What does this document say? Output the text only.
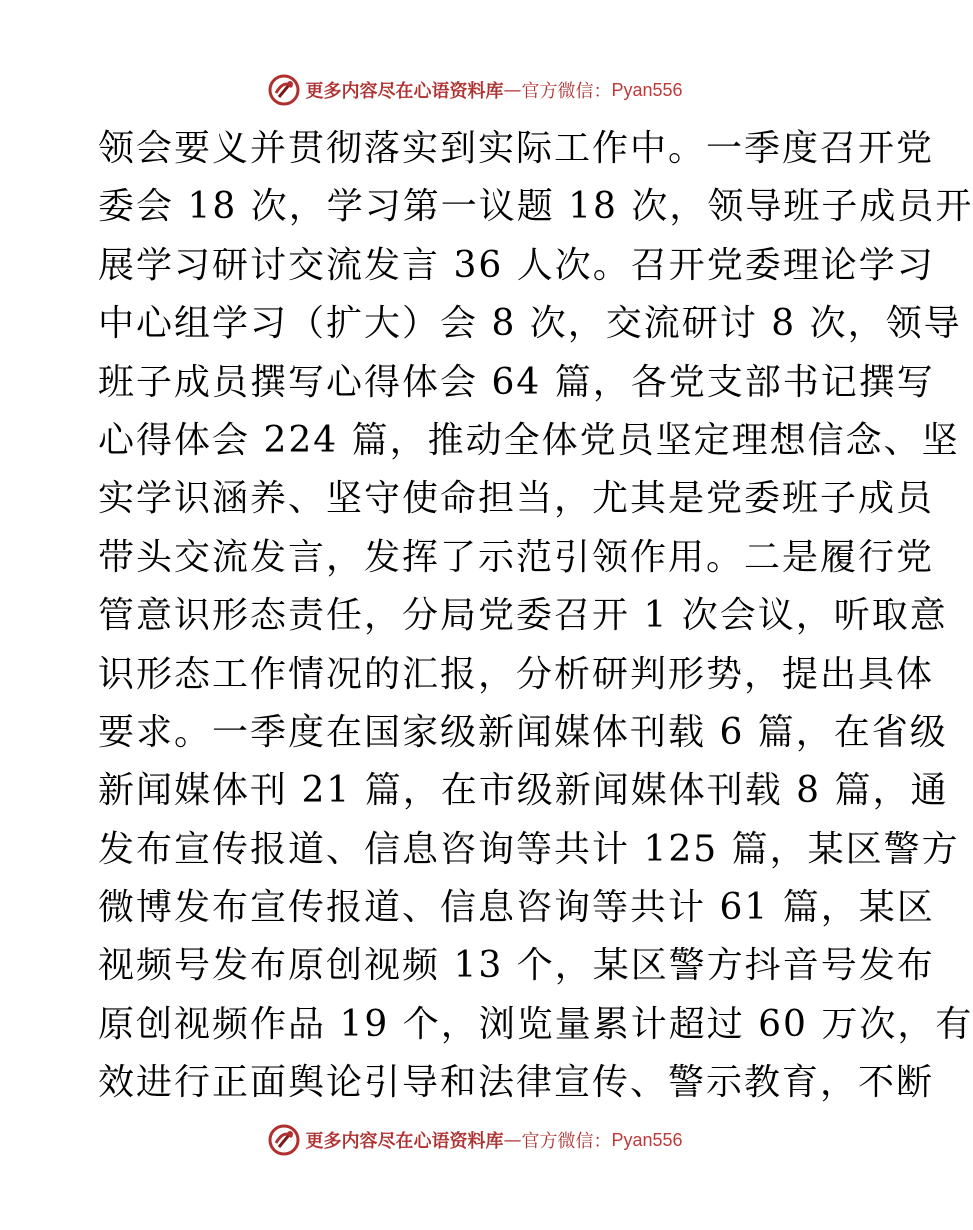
更多内容尽在心语资料库 — 官方微信： Pyan556
领会要义并贯彻落实到实际工作中。一季度召开党
委会 18 次，学习第一议题 18 次，领导班子成员开
展学习研讨交流发言 36 人次。召开党委理论学习
中心组学习（扩大）会 8 次，交流研讨 8 次，领导
班子成员撰写心得体会 64 篇，各党支部书记撰写
心得体会 224 篇，推动全体党员坚定理想信念、坚
实学识涵养、坚守使命担当，尤其是党委班子成员
带头交流发言，发挥了示范引领作用。二是履行党
管意识形态责任，分局党委召开 1 次会议，听取意
识形态工作情况的汇报，分析研判形势，提出具体
要求。一季度在国家级新闻媒体刊载 6 篇，在省级
新闻媒体刊 21 篇，在市级新闻媒体刊载 8 篇，通
发布宣传报道、信息咨询等共计 125 篇，某区警方
微博发布宣传报道、信息咨询等共计 61 篇，某区
视频号发布原创视频 13 个，某区警方抖音号发布
原创视频作品 19 个，浏览量累计超过 60 万次，有
效进行正面舆论引导和法律宣传、警示教育，不断
更多内容尽在心语资料库 — 官方微信： Pyan556
